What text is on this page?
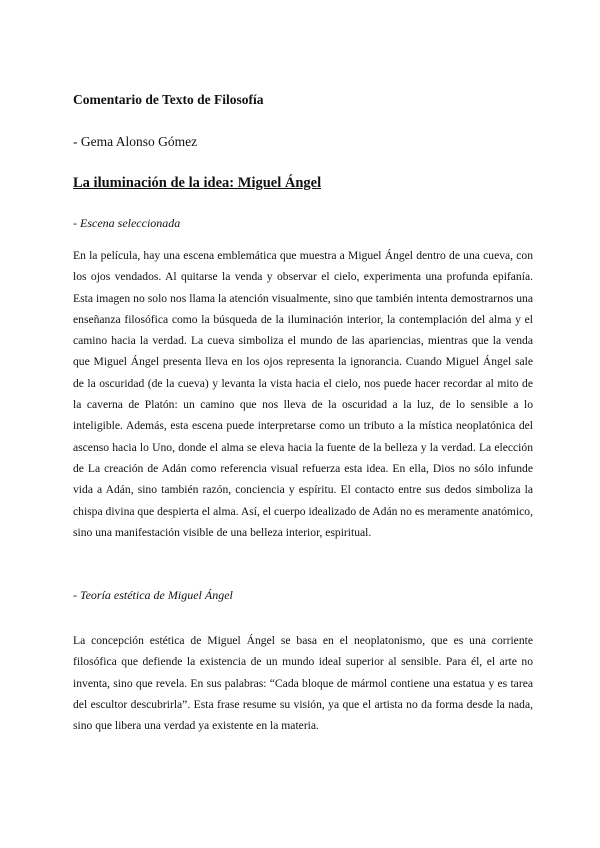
Comentario de Texto de Filosofía

- Gema Alonso Gómez

La iluminación de la idea: Miguel Ángel

- Escena seleccionada

En la película, hay una escena emblemática que muestra a Miguel Ángel dentro de una cueva, con los ojos vendados. Al quitarse la venda y observar el cielo, experimenta una profunda epifanía. Esta imagen no solo nos llama la atención visualmente, sino que también intenta demostrarnos una enseñanza filosófica como la búsqueda de la iluminación interior, la contemplación del alma y el camino hacia la verdad. La cueva simboliza el mundo de las apariencias, mientras que la venda que Miguel Ángel presenta lleva en los ojos representa la ignorancia. Cuando Miguel Ángel sale de la oscuridad (de la cueva) y levanta la vista hacia el cielo, nos puede hacer recordar al mito de la caverna de Platón: un camino que nos lleva de la oscuridad a la luz, de lo sensible a lo inteligible. Además, esta escena puede interpretarse como un tributo a la mística neoplatónica del ascenso hacia lo Uno, donde el alma se eleva hacia la fuente de la belleza y la verdad. La elección de La creación de Adán como referencia visual refuerza esta idea. En ella, Dios no sólo infunde vida a Adán, sino también razón, conciencia y espíritu. El contacto entre sus dedos simboliza la chispa divina que despierta el alma. Así, el cuerpo idealizado de Adán no es meramente anatómico, sino una manifestación visible de una belleza interior, espiritual.

- Teoría estética de Miguel Ángel

La concepción estética de Miguel Ángel se basa en el neoplatonismo, que es una corriente filosófica que defiende la existencia de un mundo ideal superior al sensible. Para él, el arte no inventa, sino que revela. En sus palabras: “Cada bloque de mármol contiene una estatua y es tarea del escultor descubrirla”. Esta frase resume su visión, ya que el artista no da forma desde la nada, sino que libera una verdad ya existente en la materia.
